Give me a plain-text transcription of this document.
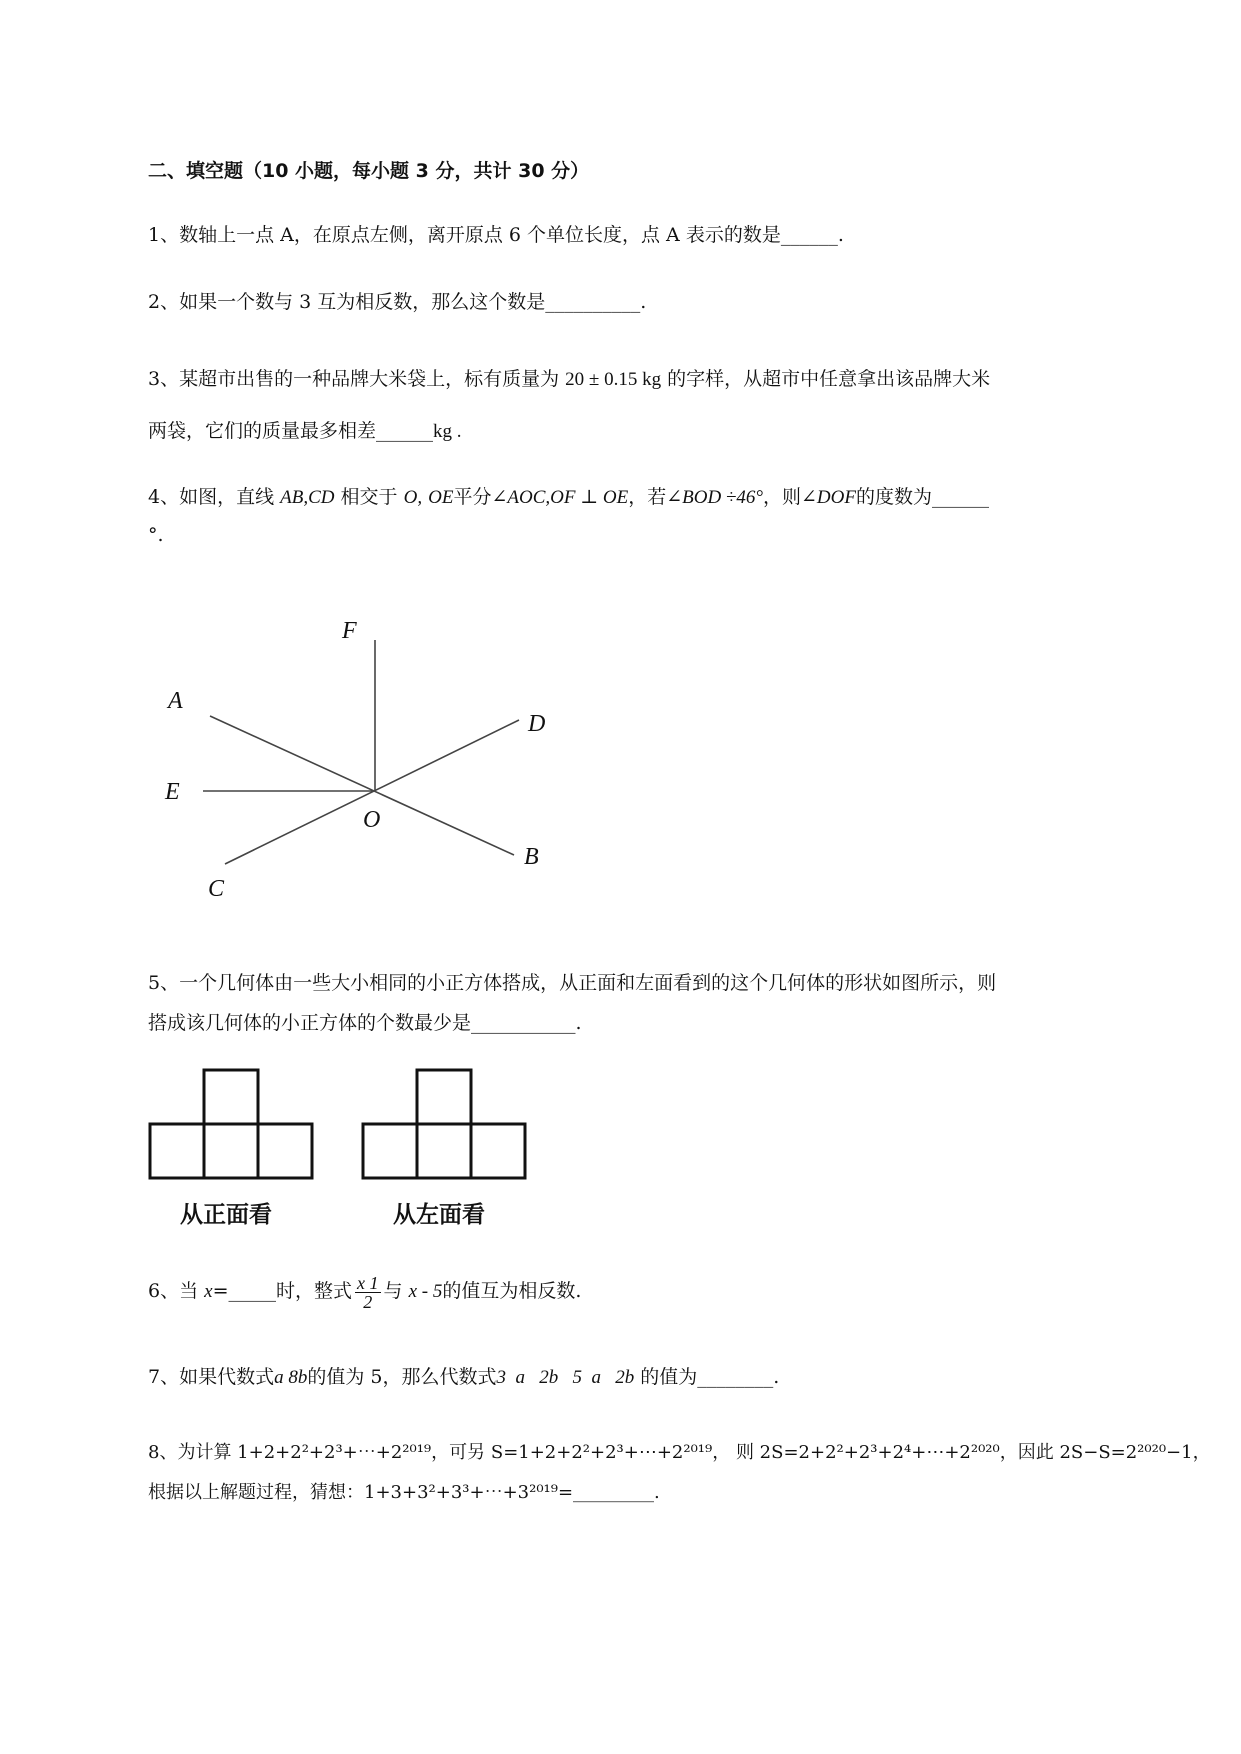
二、填空题（10 小题，每小题 3 分，共计 30 分）
1、数轴上一点 A，在原点左侧，离开原点 6 个单位长度，点 A 表示的数是______.
2、如果一个数与 3 互为相反数，那么这个数是__________.
3、某超市出售的一种品牌大米袋上，标有质量为 20 ± 0.15 kg 的字样，从超市中任意拿出该品牌大米
两袋，它们的质量最多相差______kg .
4、如图，直线 AB,CD 相交于 O, OE平分∠AOC,OF ⊥ OE，若∠BOD ÷46°，则∠DOF的度数为______
°.
F
A
D
E
O
B
C
5、一个几何体由一些大小相同的小正方体搭成，从正面和左面看到的这个几何体的形状如图所示，则
搭成该几何体的小正方体的个数最少是___________.
从正面看	从左面看
6、当 x=_____时，整式 $\frac{x 1}{2}$ 与 x - 5的值互为相反数.
7、如果代数式a 8b的值为 5，那么代数式3  a   2b   5  a   2b 的值为________.
8、为计算 1+2+2²+2³+⋯+2²⁰¹⁹，可另 S=1+2+2²+2³+⋯+2²⁰¹⁹， 则 2S=2+2²+2³+2⁴+⋯+2²⁰²⁰，因此 2S−S=2²⁰²⁰−1，
根据以上解题过程，猜想：1+3+3²+3³+⋯+3²⁰¹⁹=_________.
